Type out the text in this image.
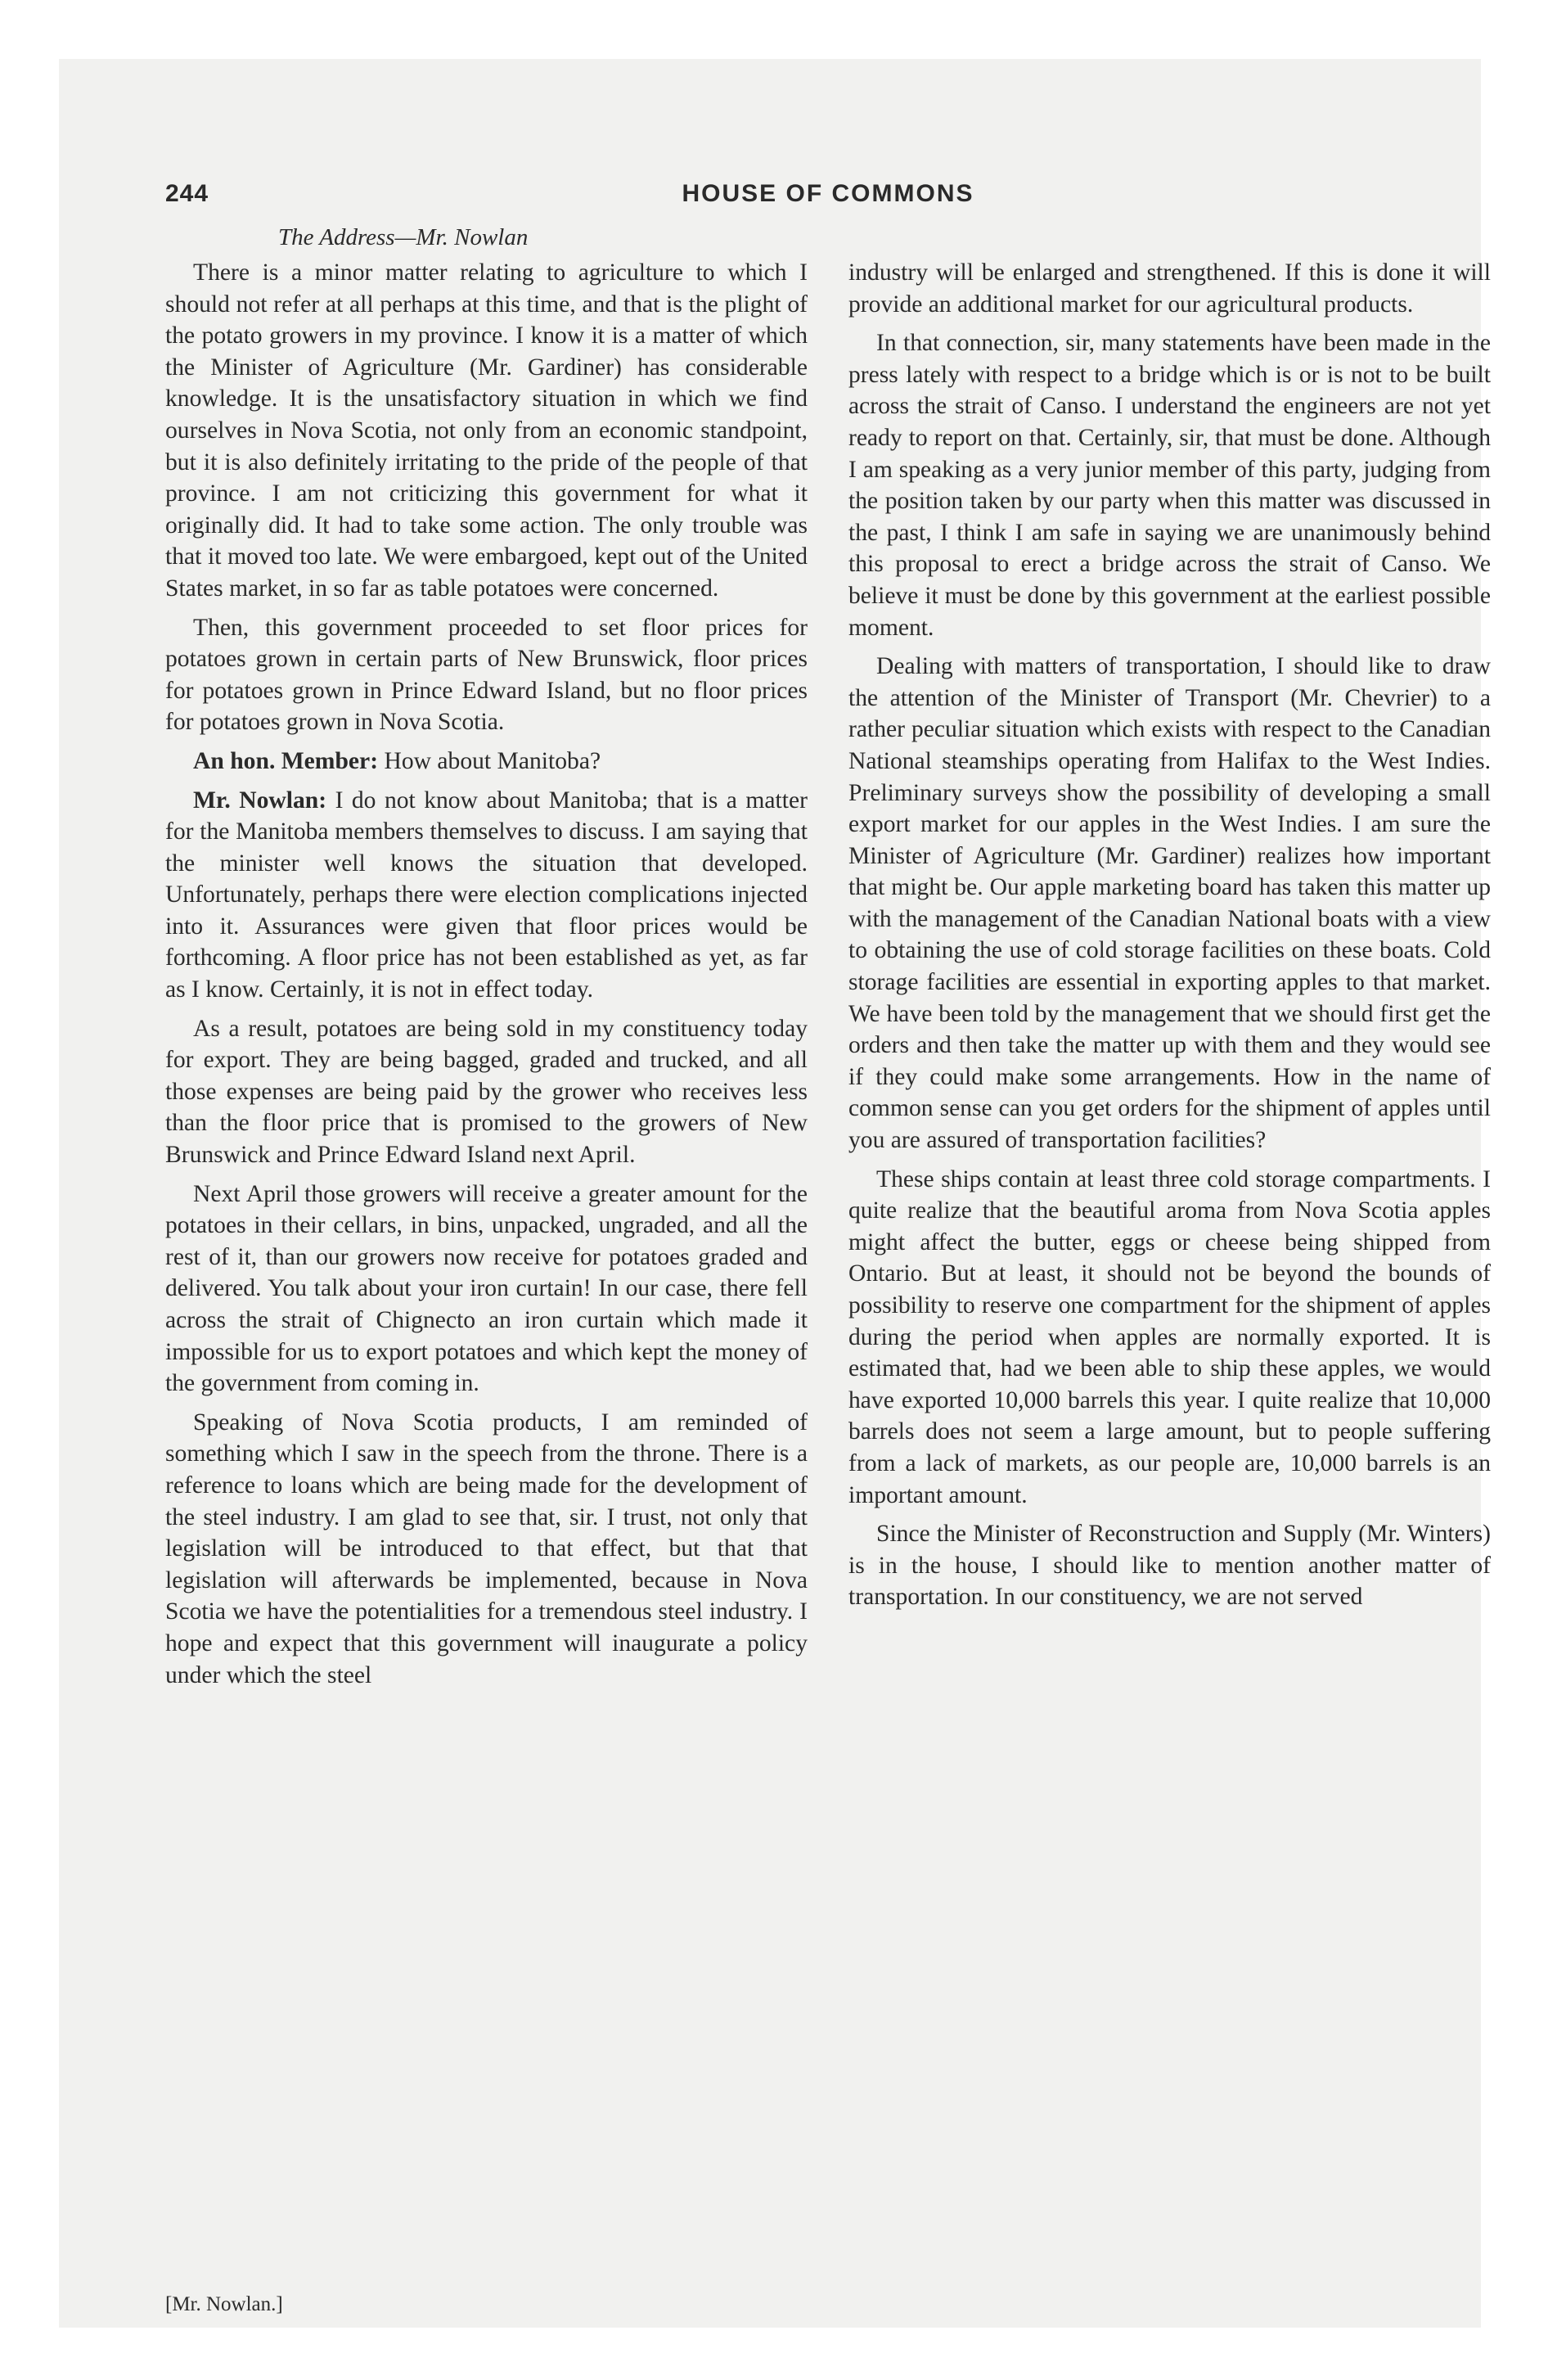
244	HOUSE OF COMMONS
The Address—Mr. Nowlan

There is a minor matter relating to agriculture to which I should not refer at all perhaps at this time, and that is the plight of the potato growers in my province. I know it is a matter of which the Minister of Agriculture (Mr. Gardiner) has considerable knowledge. It is the unsatisfactory situation in which we find ourselves in Nova Scotia, not only from an economic standpoint, but it is also definitely irritating to the pride of the people of that province. I am not criticizing this government for what it originally did. It had to take some action. The only trouble was that it moved too late. We were embargoed, kept out of the United States market, in so far as table potatoes were concerned.

Then, this government proceeded to set floor prices for potatoes grown in certain parts of New Brunswick, floor prices for potatoes grown in Prince Edward Island, but no floor prices for potatoes grown in Nova Scotia.

An hon. Member: How about Manitoba?

Mr. Nowlan: I do not know about Manitoba; that is a matter for the Manitoba members themselves to discuss. I am saying that the minister well knows the situation that developed. Unfortunately, perhaps there were election complications injected into it. Assurances were given that floor prices would be forthcoming. A floor price has not been established as yet, as far as I know. Certainly, it is not in effect today.

As a result, potatoes are being sold in my constituency today for export. They are being bagged, graded and trucked, and all those expenses are being paid by the grower who receives less than the floor price that is promised to the growers of New Brunswick and Prince Edward Island next April.

Next April those growers will receive a greater amount for the potatoes in their cellars, in bins, unpacked, ungraded, and all the rest of it, than our growers now receive for potatoes graded and delivered. You talk about your iron curtain! In our case, there fell across the strait of Chignecto an iron curtain which made it impossible for us to export potatoes and which kept the money of the government from coming in.

Speaking of Nova Scotia products, I am reminded of something which I saw in the speech from the throne. There is a reference to loans which are being made for the development of the steel industry. I am glad to see that, sir. I trust, not only that legislation will be introduced to that effect, but that that legislation will afterwards be implemented, because in Nova Scotia we have the potentialities for a tremendous steel industry. I hope and expect that this government will inaugurate a policy under which the steel

industry will be enlarged and strengthened. If this is done it will provide an additional market for our agricultural products.

In that connection, sir, many statements have been made in the press lately with respect to a bridge which is or is not to be built across the strait of Canso. I understand the engineers are not yet ready to report on that. Certainly, sir, that must be done. Although I am speaking as a very junior member of this party, judging from the position taken by our party when this matter was discussed in the past, I think I am safe in saying we are unanimously behind this proposal to erect a bridge across the strait of Canso. We believe it must be done by this government at the earliest possible moment.

Dealing with matters of transportation, I should like to draw the attention of the Minister of Transport (Mr. Chevrier) to a rather peculiar situation which exists with respect to the Canadian National steamships operating from Halifax to the West Indies. Preliminary surveys show the possibility of developing a small export market for our apples in the West Indies. I am sure the Minister of Agriculture (Mr. Gardiner) realizes how important that might be. Our apple marketing board has taken this matter up with the management of the Canadian National boats with a view to obtaining the use of cold storage facilities on these boats. Cold storage facilities are essential in exporting apples to that market. We have been told by the management that we should first get the orders and then take the matter up with them and they would see if they could make some arrangements. How in the name of common sense can you get orders for the shipment of apples until you are assured of transportation facilities?

These ships contain at least three cold storage compartments. I quite realize that the beautiful aroma from Nova Scotia apples might affect the butter, eggs or cheese being shipped from Ontario. But at least, it should not be beyond the bounds of possibility to reserve one compartment for the shipment of apples during the period when apples are normally exported. It is estimated that, had we been able to ship these apples, we would have exported 10,000 barrels this year. I quite realize that 10,000 barrels does not seem a large amount, but to people suffering from a lack of markets, as our people are, 10,000 barrels is an important amount.

Since the Minister of Reconstruction and Supply (Mr. Winters) is in the house, I should like to mention another matter of transportation. In our constituency, we are not served

[Mr. Nowlan.]
